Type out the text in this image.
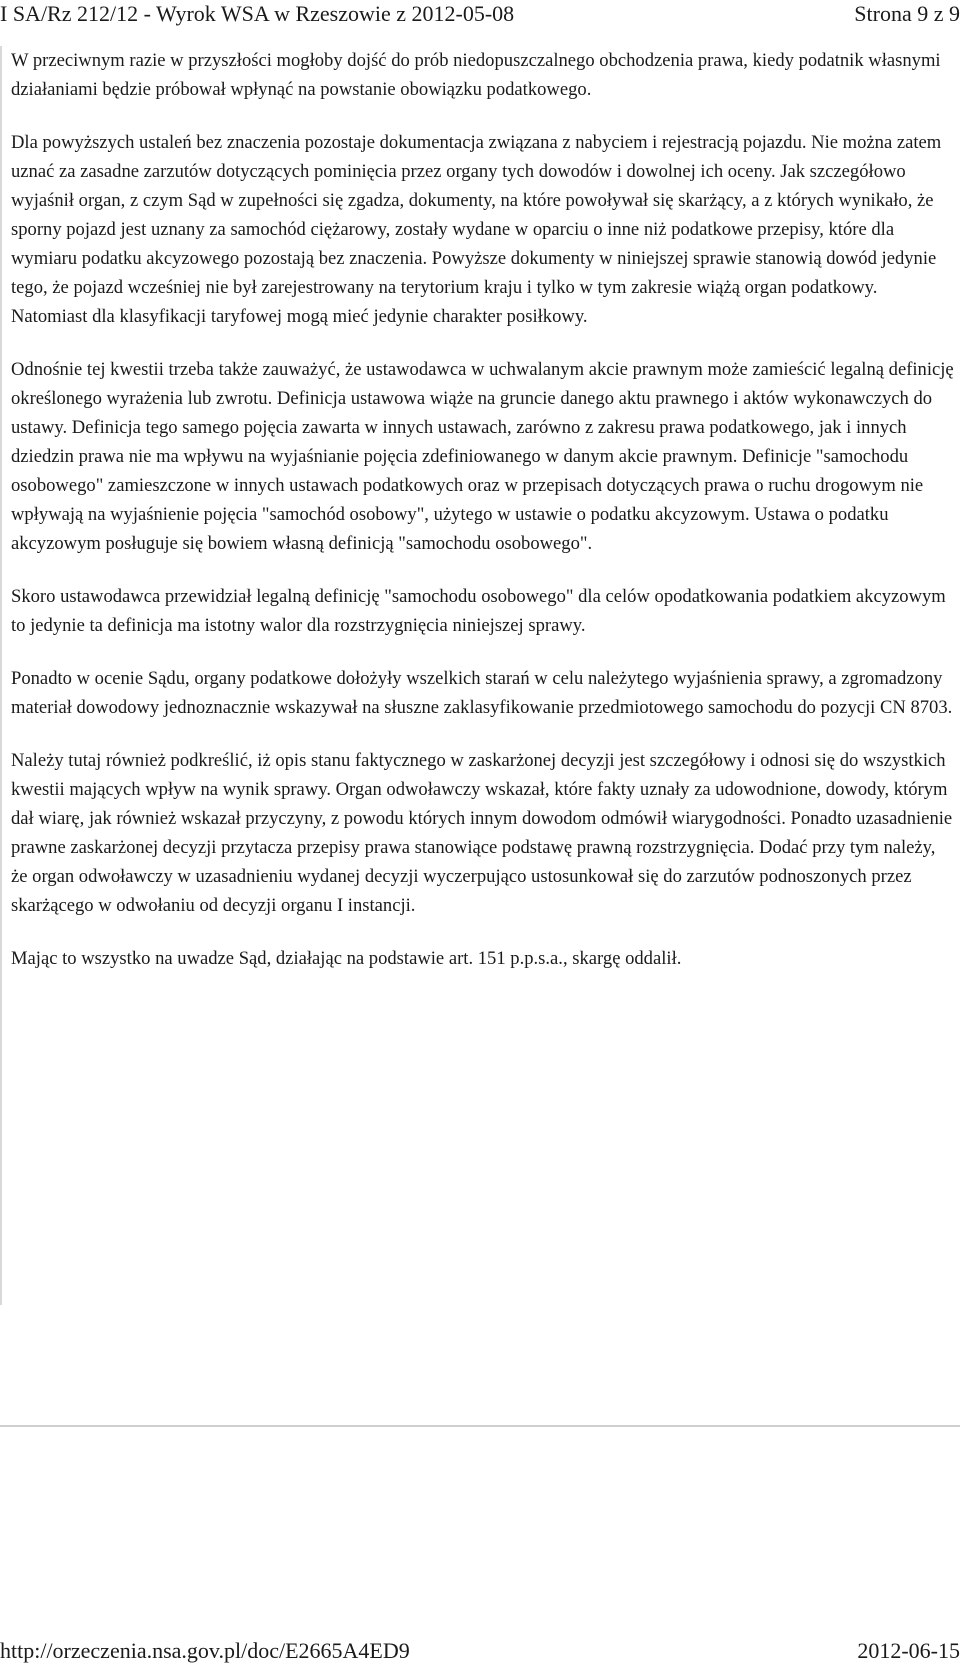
I SA/Rz 212/12 - Wyrok WSA w Rzeszowie z 2012-05-08	Strona 9 z 9

W przeciwnym razie w przyszłości mogłoby dojść do prób niedopuszczalnego obchodzenia prawa, kiedy podatnik własnymi działaniami będzie próbował wpłynąć na powstanie obowiązku podatkowego.

Dla powyższych ustaleń bez znaczenia pozostaje dokumentacja związana z nabyciem i rejestracją pojazdu. Nie można zatem uznać za zasadne zarzutów dotyczących pominięcia przez organy tych dowodów i dowolnej ich oceny. Jak szczegółowo wyjaśnił organ, z czym Sąd w zupełności się zgadza, dokumenty, na które powoływał się skarżący, a z których wynikało, że sporny pojazd jest uznany za samochód ciężarowy, zostały wydane w oparciu o inne niż podatkowe przepisy, które dla wymiaru podatku akcyzowego pozostają bez znaczenia. Powyższe dokumenty w niniejszej sprawie stanowią dowód jedynie tego, że pojazd wcześniej nie był zarejestrowany na terytorium kraju i tylko w tym zakresie wiążą organ podatkowy. Natomiast dla klasyfikacji taryfowej mogą mieć jedynie charakter posiłkowy.

Odnośnie tej kwestii trzeba także zauważyć, że ustawodawca w uchwalanym akcie prawnym może zamieścić legalną definicję określonego wyrażenia lub zwrotu. Definicja ustawowa wiąże na gruncie danego aktu prawnego i aktów wykonawczych do ustawy. Definicja tego samego pojęcia zawarta w innych ustawach, zarówno z zakresu prawa podatkowego, jak i innych dziedzin prawa nie ma wpływu na wyjaśnianie pojęcia zdefiniowanego w danym akcie prawnym. Definicje "samochodu osobowego" zamieszczone w innych ustawach podatkowych oraz w przepisach dotyczących prawa o ruchu drogowym nie wpływają na wyjaśnienie pojęcia "samochód osobowy", użytego w ustawie o podatku akcyzowym. Ustawa o podatku akcyzowym posługuje się bowiem własną definicją "samochodu osobowego".

Skoro ustawodawca przewidział legalną definicję "samochodu osobowego" dla celów opodatkowania podatkiem akcyzowym to jedynie ta definicja ma istotny walor dla rozstrzygnięcia niniejszej sprawy.

Ponadto w ocenie Sądu, organy podatkowe dołożyły wszelkich starań w celu należytego wyjaśnienia sprawy, a zgromadzony materiał dowodowy jednoznacznie wskazywał na słuszne zaklasyfikowanie przedmiotowego samochodu do pozycji CN 8703.

Należy tutaj również podkreślić, iż opis stanu faktycznego w zaskarżonej decyzji jest szczegółowy i odnosi się do wszystkich kwestii mających wpływ na wynik sprawy. Organ odwoławczy wskazał, które fakty uznały za udowodnione, dowody, którym dał wiarę, jak również wskazał przyczyny, z powodu których innym dowodom odmówił wiarygodności. Ponadto uzasadnienie prawne zaskarżonej decyzji przytacza przepisy prawa stanowiące podstawę prawną rozstrzygnięcia. Dodać przy tym należy, że organ odwoławczy w uzasadnieniu wydanej decyzji wyczerpująco ustosunkował się do zarzutów podnoszonych przez skarżącego w odwołaniu od decyzji organu I instancji.

Mając to wszystko na uwadze Sąd, działając na podstawie art. 151 p.p.s.a., skargę oddalił.

http://orzeczenia.nsa.gov.pl/doc/E2665A4ED9	2012-06-15
